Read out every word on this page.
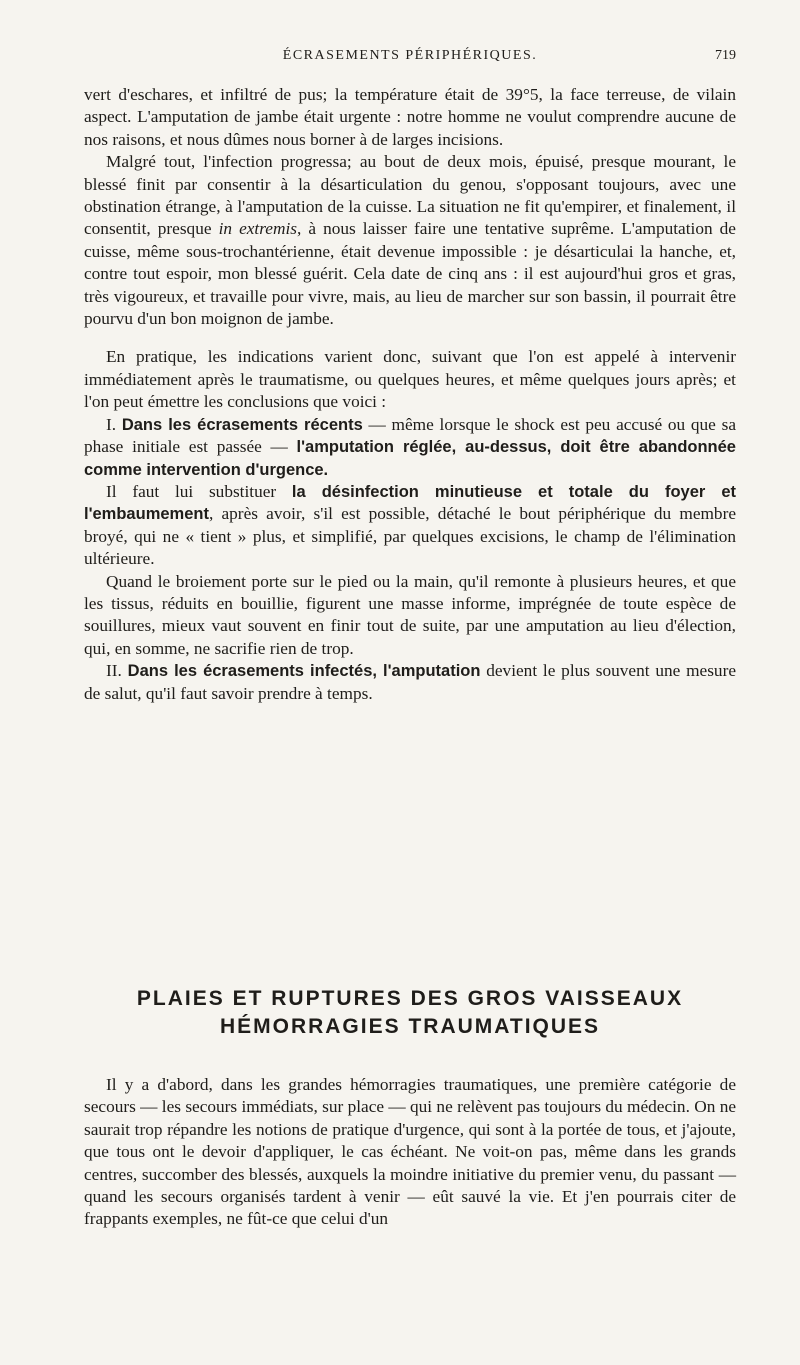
ÉCRASEMENTS PÉRIPHÉRIQUES.	719

vert d'eschares, et infiltré de pus; la température était de 39°5, la face terreuse, de vilain aspect. L'amputation de jambe était urgente : notre homme ne voulut comprendre aucune de nos raisons, et nous dûmes nous borner à de larges incisions.

Malgré tout, l'infection progressa; au bout de deux mois, épuisé, presque mourant, le blessé finit par consentir à la désarticulation du genou, s'opposant toujours, avec une obstination étrange, à l'amputation de la cuisse. La situation ne fit qu'empirer, et finalement, il consentit, presque in extremis, à nous laisser faire une tentative suprême. L'amputation de cuisse, même sous-trochantérienne, était devenue impossible : je désarticulai la hanche, et, contre tout espoir, mon blessé guérit. Cela date de cinq ans : il est aujourd'hui gros et gras, très vigoureux, et travaille pour vivre, mais, au lieu de marcher sur son bassin, il pourrait être pourvu d'un bon moignon de jambe.

En pratique, les indications varient donc, suivant que l'on est appelé à intervenir immédiatement après le traumatisme, ou quelques heures, et même quelques jours après; et l'on peut émettre les conclusions que voici :

I. Dans les écrasements récents — même lorsque le shock est peu accusé ou que sa phase initiale est passée — l'amputation réglée, au-dessus, doit être abandonnée comme intervention d'urgence.

Il faut lui substituer la désinfection minutieuse et totale du foyer et l'embaumement, après avoir, s'il est possible, détaché le bout périphérique du membre broyé, qui ne « tient » plus, et simplifié, par quelques excisions, le champ de l'élimination ultérieure.

Quand le broiement porte sur le pied ou la main, qu'il remonte à plusieurs heures, et que les tissus, réduits en bouillie, figurent une masse informe, imprégnée de toute espèce de souillures, mieux vaut souvent en finir tout de suite, par une amputation au lieu d'élection, qui, en somme, ne sacrifie rien de trop.

II. Dans les écrasements infectés, l'amputation devient le plus souvent une mesure de salut, qu'il faut savoir prendre à temps.

PLAIES ET RUPTURES DES GROS VAISSEAUX
HÉMORRAGIES TRAUMATIQUES

Il y a d'abord, dans les grandes hémorragies traumatiques, une première catégorie de secours — les secours immédiats, sur place — qui ne relèvent pas toujours du médecin. On ne saurait trop répandre les notions de pratique d'urgence, qui sont à la portée de tous, et j'ajoute, que tous ont le devoir d'appliquer, le cas échéant. Ne voit-on pas, même dans les grands centres, succomber des blessés, auxquels la moindre initiative du premier venu, du passant — quand les secours organisés tardent à venir — eût sauvé la vie. Et j'en pourrais citer de frappants exemples, ne fût-ce que celui d'un
